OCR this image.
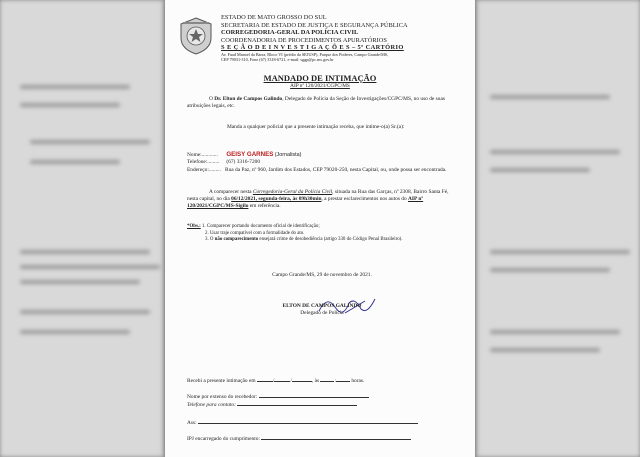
ESTADO DE MATO GROSSO DO SUL
SECRETARIA DE ESTADO DE JUSTIÇA E SEGURANÇA PÚBLICA
CORREGEDORIA-GERAL DA POLÍCIA CIVIL
COORDENADORIA DE PROCEDIMENTOS APURATÓRIOS
S E Ç Ã O D E I N V E S T I G A Ç Õ E S – 5º CARTÓRIO
Av. Fuad Manoel da Barra, Bloco VI (prédio da SEJUSP), Parque dos Poderes, Campo Grande/MS,
CEP 79031-310, Fone (67) 3318-6721, e-mail: sggp@pc.ms.gov.br
MANDADO DE INTIMAÇÃO
AIP nº 120/2021/CGPC/MS
O Dr. Elton de Campos Galindo, Delegado de Polícia da Seção de Investigações/CGPC/MS, no uso de suas atribuições legais, etc.
Manda a qualquer policial que a presente intimação receba, que intime-o(a) Sr.(a):
Nome:............ GEISY GARNES (Jornalista)
Telefone:......... (67) 3316-7200
Endereço:......... Rua da Paz, nº 960, Jardim dos Estados, CEP 79020-250, nesta Capital, ou, onde possa ser encontrada.
A comparecer nesta Corregedoria-Geral da Polícia Civil, situada na Rua das Garças, nº 2308, Bairro Santa Fé, nesta capital, no dia 06/12/2021, segunda-feira, às 09h30min, a prestar esclarecimentos nos autos do AIP nº 120/2021/CGPC/MS-Sigilo em referência.
*Obs.: 1. Comparecer portando documento oficial de identificação;
2. Usar traje compatível com a formalidade do ato.
3. O não comparecimento ensejará crime de desobediência (artigo 330 do Código Penal Brasileiro).
Campo Grande/MS, 29 de novembro de 2021.
ELTON DE CAMPOS GALINDO
Delegado de Polícia
Recebi a presente intimação em	/	/	, às	:	horas.
Nome por extenso do recebedor:
Telefone para contato:
Ass:
IPJ encarregado do cumprimento:
